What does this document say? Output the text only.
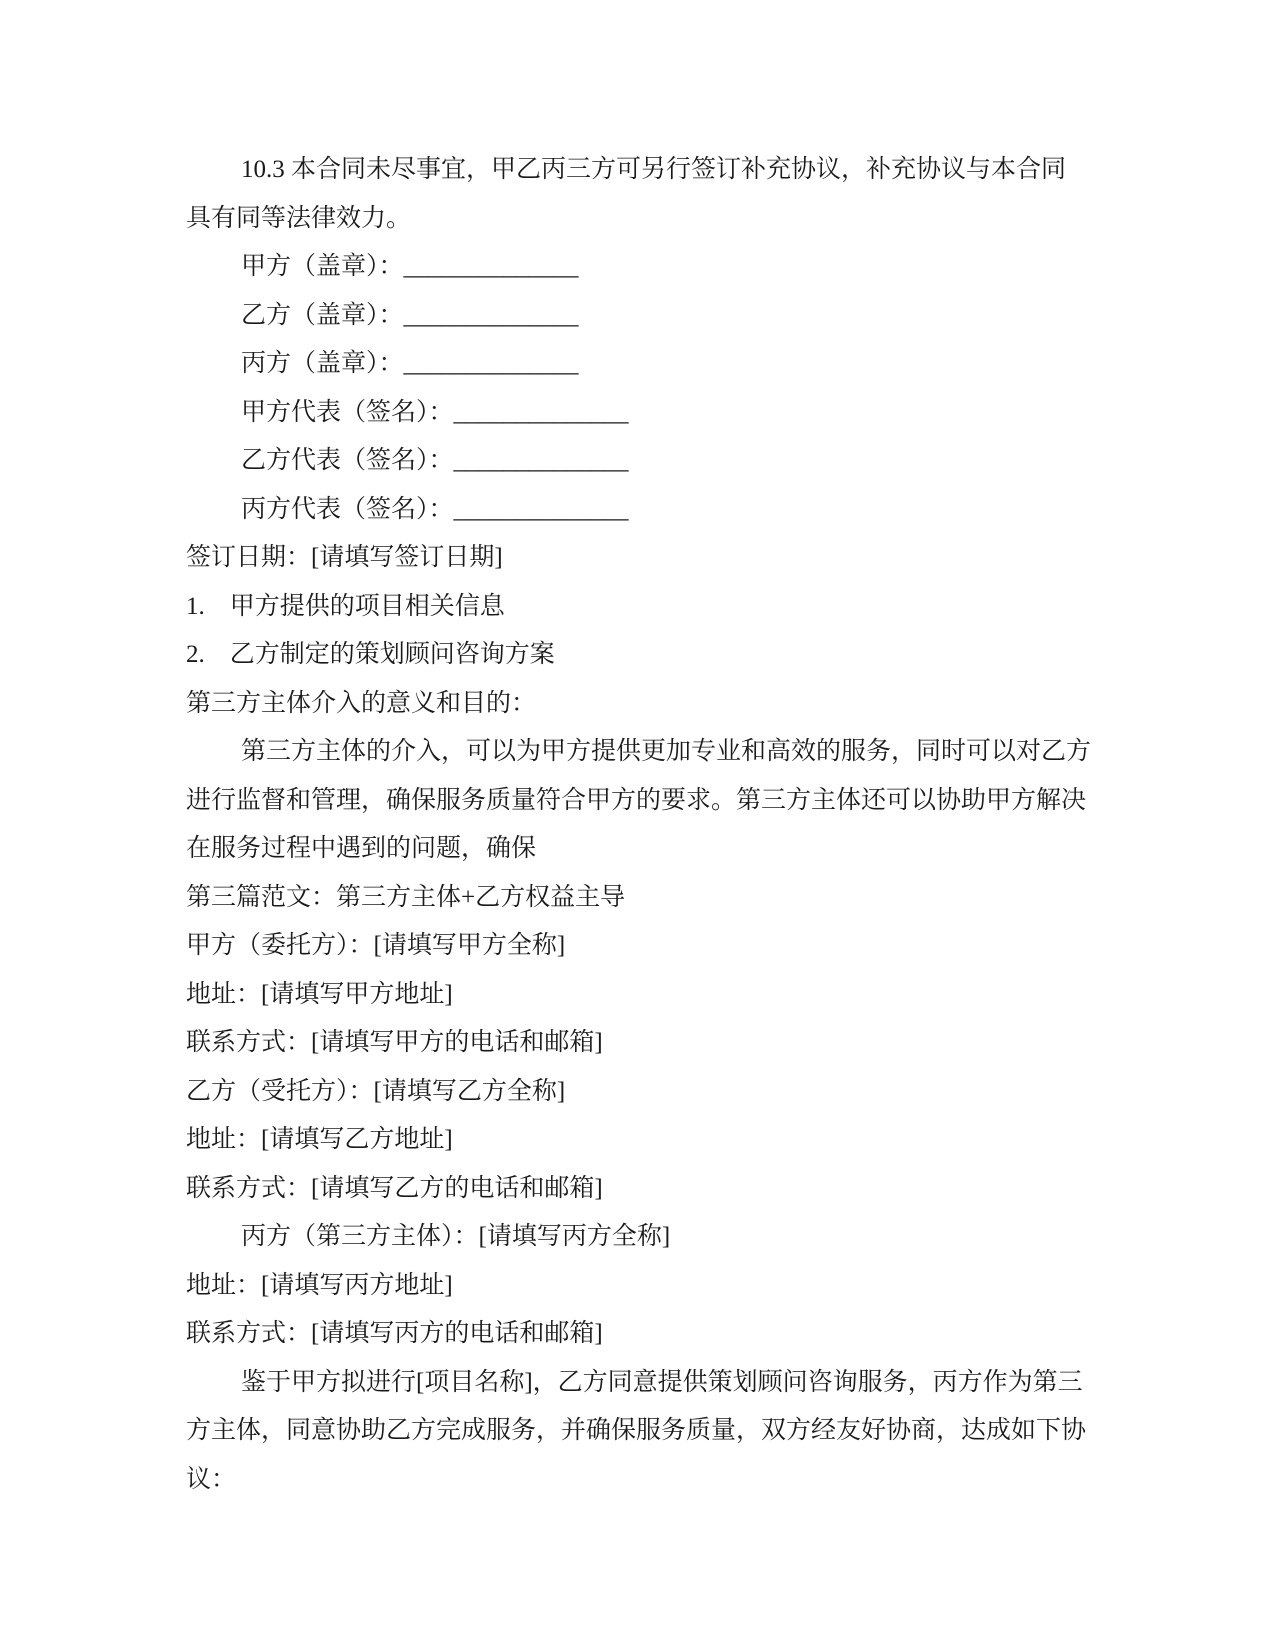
10.3 本合同未尽事宜，甲乙丙三方可另行签订补充协议，补充协议与本合同
具有同等法律效力。
甲方（盖章）：______________
乙方（盖章）：______________
丙方（盖章）：______________
甲方代表（签名）：______________
乙方代表（签名）：______________
丙方代表（签名）：______________
签订日期：[请填写签订日期]
1.　甲方提供的项目相关信息
2.　乙方制定的策划顾问咨询方案
第三方主体介入的意义和目的：
第三方主体的介入，可以为甲方提供更加专业和高效的服务，同时可以对乙方
进行监督和管理，确保服务质量符合甲方的要求。第三方主体还可以协助甲方解决
在服务过程中遇到的问题，确保
第三篇范文：第三方主体+乙方权益主导
甲方（委托方）：[请填写甲方全称]
地址：[请填写甲方地址]
联系方式：[请填写甲方的电话和邮箱]
乙方（受托方）：[请填写乙方全称]
地址：[请填写乙方地址]
联系方式：[请填写乙方的电话和邮箱]
丙方（第三方主体）：[请填写丙方全称]
地址：[请填写丙方地址]
联系方式：[请填写丙方的电话和邮箱]
鉴于甲方拟进行[项目名称]，乙方同意提供策划顾问咨询服务，丙方作为第三
方主体，同意协助乙方完成服务，并确保服务质量，双方经友好协商，达成如下协
议：
